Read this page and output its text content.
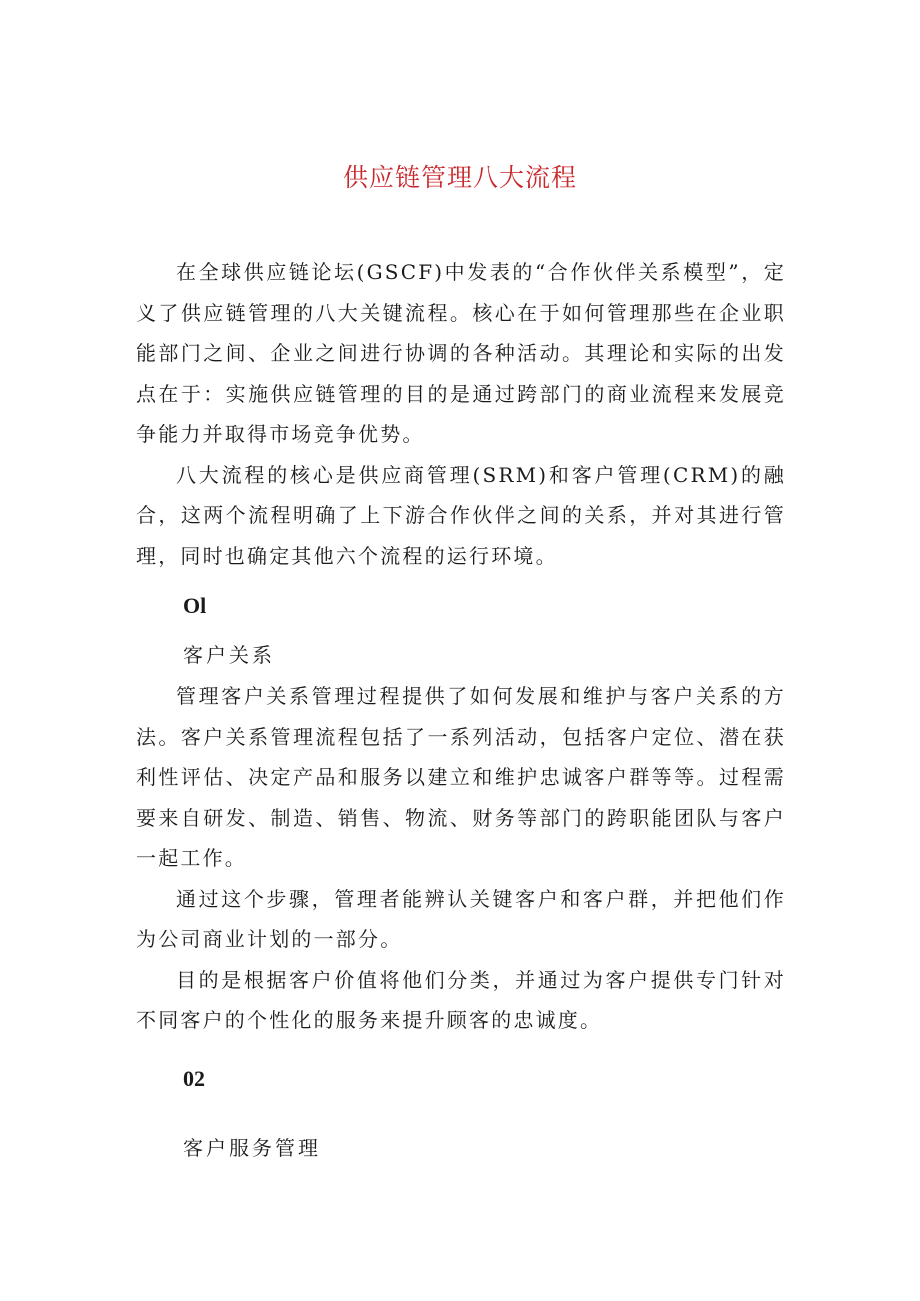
供应链管理八大流程

在全球供应链论坛(GSCF)中发表的“合作伙伴关系模型”，定义了供应链管理的八大关键流程。核心在于如何管理那些在企业职能部门之间、企业之间进行协调的各种活动。其理论和实际的出发点在于：实施供应链管理的目的是通过跨部门的商业流程来发展竞争能力并取得市场竞争优势。

八大流程的核心是供应商管理(SRM)和客户管理(CRM)的融合，这两个流程明确了上下游合作伙伴之间的关系，并对其进行管理，同时也确定其他六个流程的运行环境。

Ol
客户关系

管理客户关系管理过程提供了如何发展和维护与客户关系的方法。客户关系管理流程包括了一系列活动，包括客户定位、潜在获利性评估、决定产品和服务以建立和维护忠诚客户群等等。过程需要来自研发、制造、销售、物流、财务等部门的跨职能团队与客户一起工作。

通过这个步骤，管理者能辨认关键客户和客户群，并把他们作为公司商业计划的一部分。

目的是根据客户价值将他们分类，并通过为客户提供专门针对不同客户的个性化的服务来提升顾客的忠诚度。

02
客户服务管理
